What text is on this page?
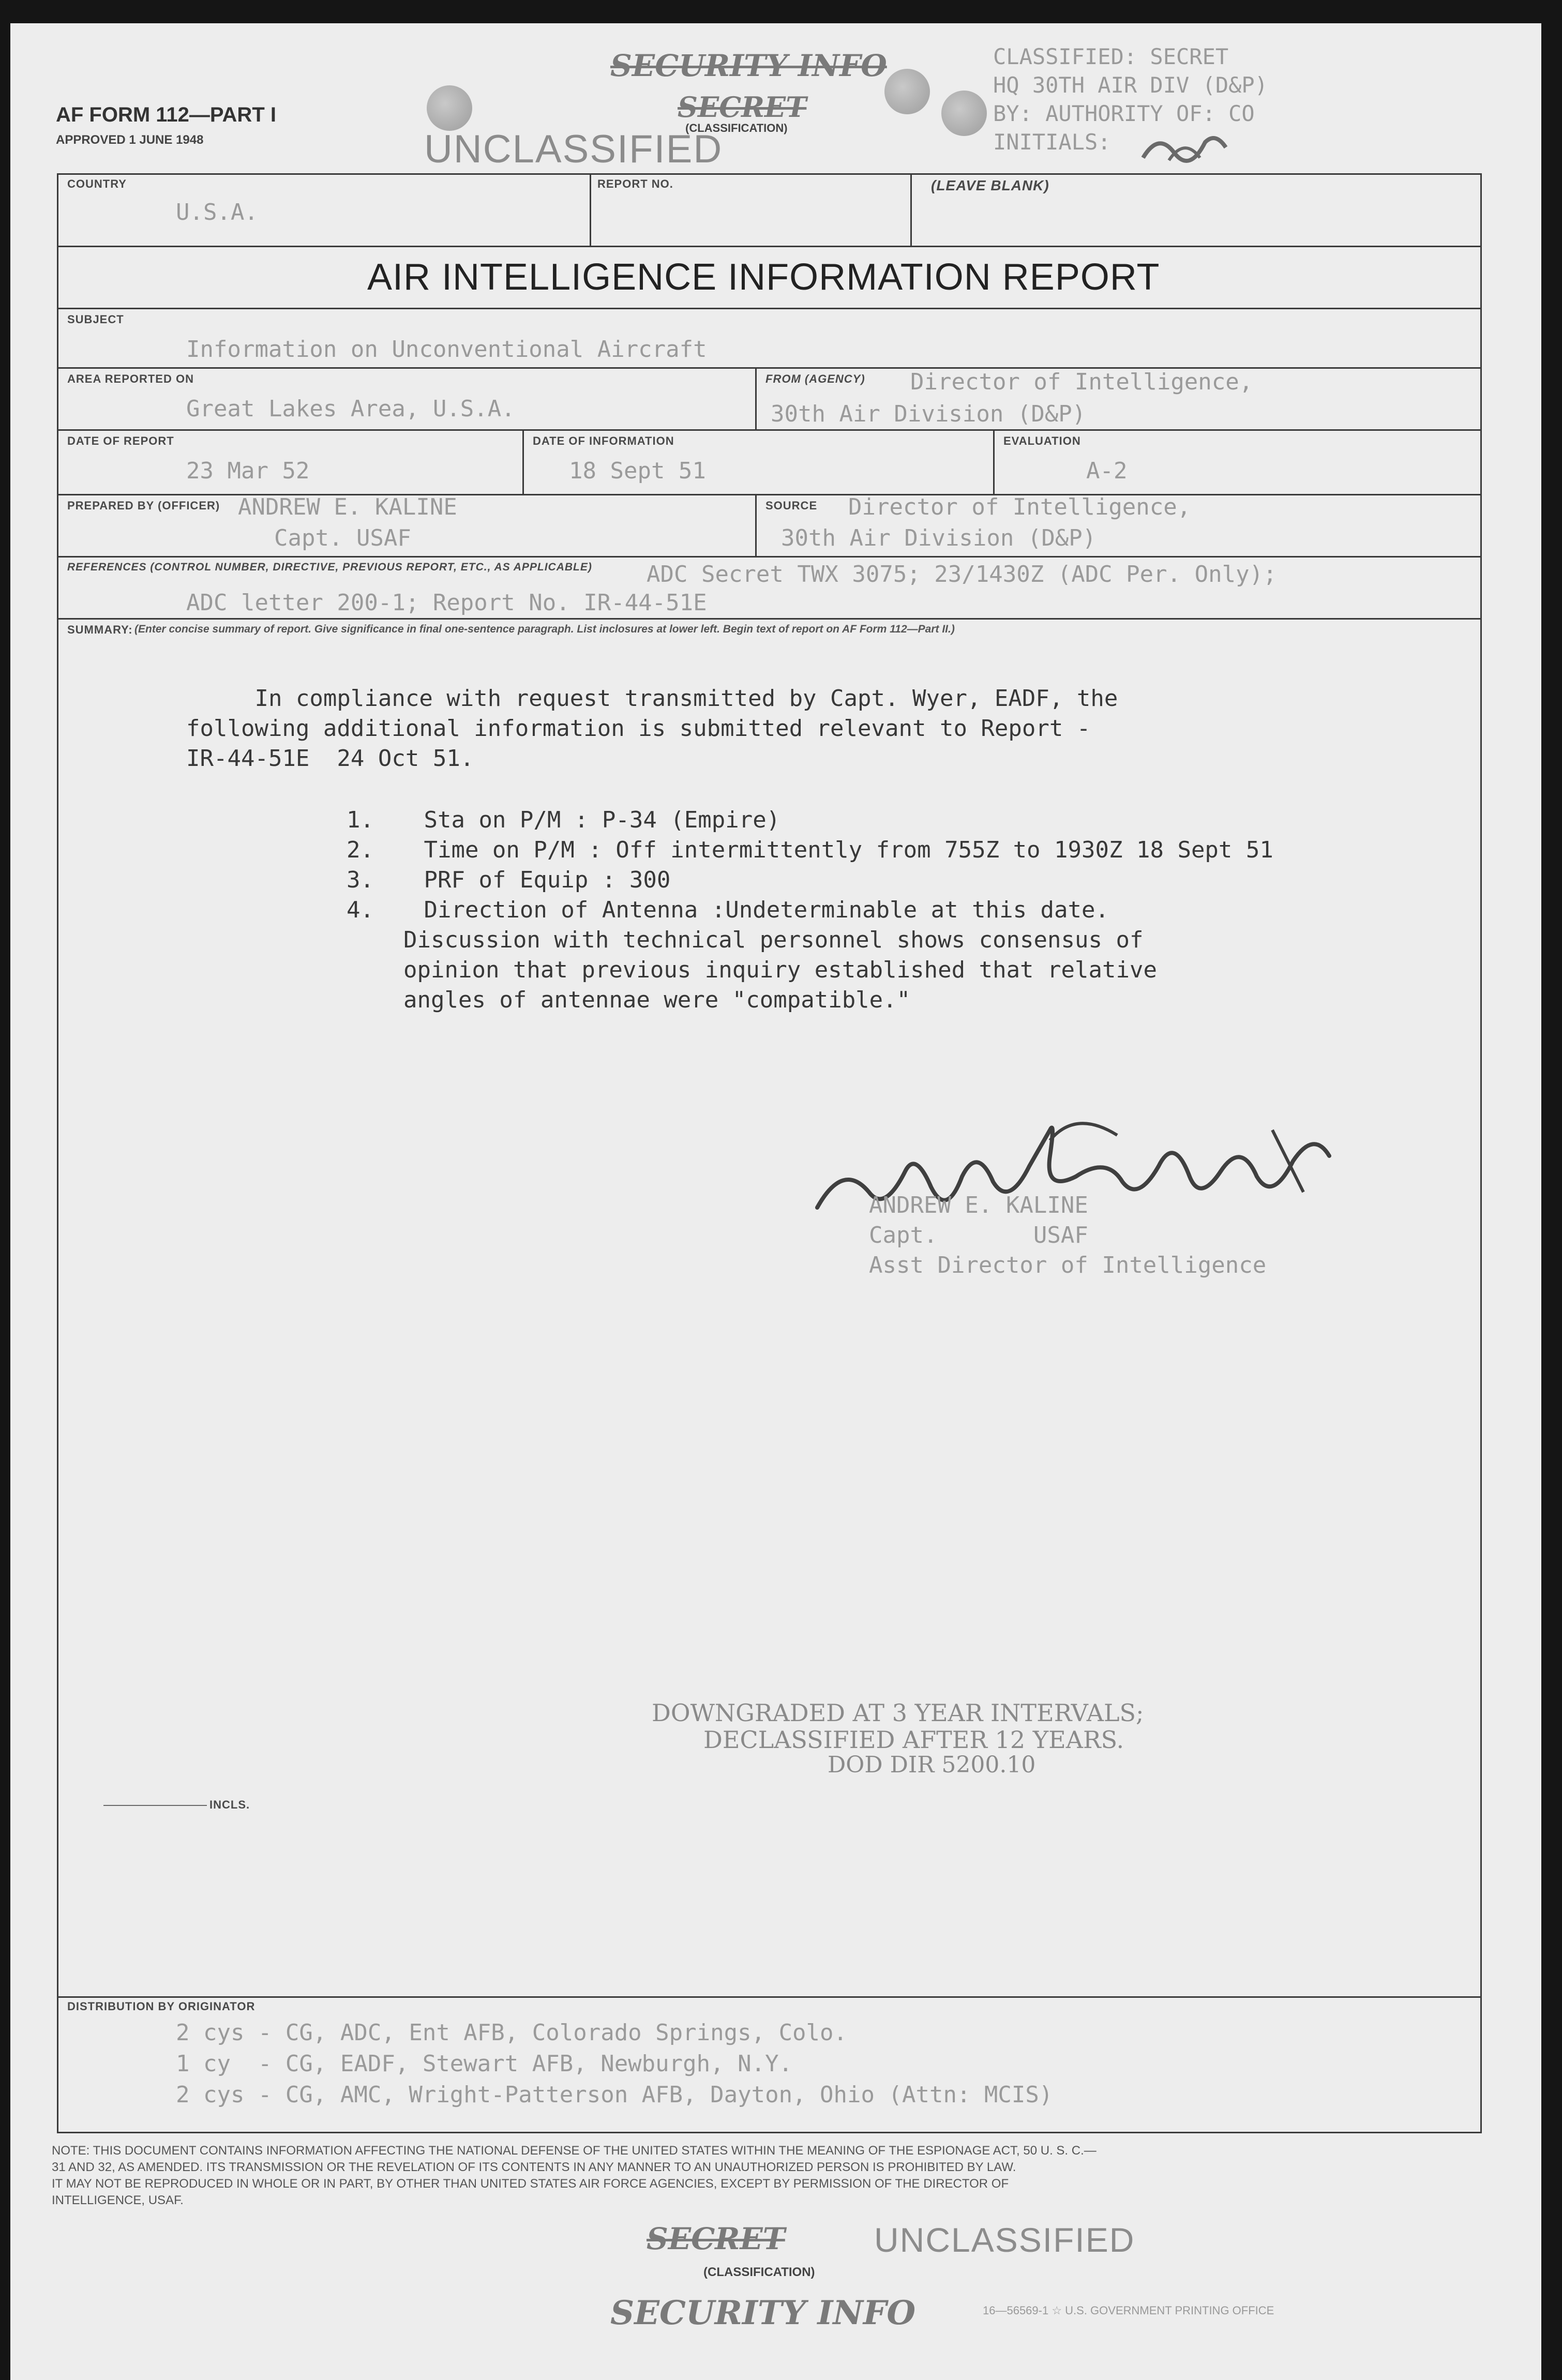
AF FORM 112—PART I
APPROVED 1 JUNE 1948
SECURITY INFO
SECRET
(CLASSIFICATION)
UNCLASSIFIED
CLASSIFIED: SECRET
HQ 30TH AIR DIV (D&P)
BY: AUTHORITY OF: CO
INITIALS:
COUNTRY
U.S.A.
REPORT NO.	(LEAVE BLANK)
AIR INTELLIGENCE INFORMATION REPORT
SUBJECT
Information on Unconventional Aircraft
AREA REPORTED ON
Great Lakes Area, U.S.A.
FROM (AGENCY) Director of Intelligence,
30th Air Division (D&P)
DATE OF REPORT
23 Mar 52
DATE OF INFORMATION
18 Sept 51
EVALUATION
A-2
PREPARED BY (OFFICER) ANDREW E. KALINE
Capt. USAF
SOURCE Director of Intelligence,
30th Air Division (D&P)
REFERENCES (CONTROL NUMBER, DIRECTIVE, PREVIOUS REPORT, ETC., AS APPLICABLE) ADC Secret TWX 3075; 23/1430Z (ADC Per. Only);
ADC letter 200-1; Report No. IR-44-51E
SUMMARY: (Enter concise summary of report. Give significance in final one-sentence paragraph. List inclosures at lower left. Begin text of report on AF Form 112—Part II.)
In compliance with request transmitted by Capt. Wyer, EADF, the
following additional information is submitted relevant to Report -
IR-44-51E  24 Oct 51.
1. Sta on P/M : P-34 (Empire)
2. Time on P/M : Off intermittently from 755Z to 1930Z 18 Sept 51
3. PRF of Equip : 300
4. Direction of Antenna :Undeterminable at this date.
Discussion with technical personnel shows consensus of
opinion that previous inquiry established that relative
angles of antennae were "compatible."
ANDREW E. KALINE
Capt.       USAF
Asst Director of Intelligence
DOWNGRADED AT 3 YEAR INTERVALS;
DECLASSIFIED AFTER 12 YEARS.
DOD DIR 5200.10
INCLS.
DISTRIBUTION BY ORIGINATOR
2 cys - CG, ADC, Ent AFB, Colorado Springs, Colo.
1 cy  - CG, EADF, Stewart AFB, Newburgh, N.Y.
2 cys - CG, AMC, Wright-Patterson AFB, Dayton, Ohio (Attn: MCIS)
NOTE: THIS DOCUMENT CONTAINS INFORMATION AFFECTING THE NATIONAL DEFENSE OF THE UNITED STATES WITHIN THE MEANING OF THE ESPIONAGE ACT, 50 U. S. C.—
31 AND 32, AS AMENDED. ITS TRANSMISSION OR THE REVELATION OF ITS CONTENTS IN ANY MANNER TO AN UNAUTHORIZED PERSON IS PROHIBITED BY LAW.
IT MAY NOT BE REPRODUCED IN WHOLE OR IN PART, BY OTHER THAN UNITED STATES AIR FORCE AGENCIES, EXCEPT BY PERMISSION OF THE DIRECTOR OF
INTELLIGENCE, USAF.
SECRET	UNCLASSIFIED
(CLASSIFICATION)
SECURITY INFO	16—56569-1 ☆ U.S. GOVERNMENT PRINTING OFFICE
